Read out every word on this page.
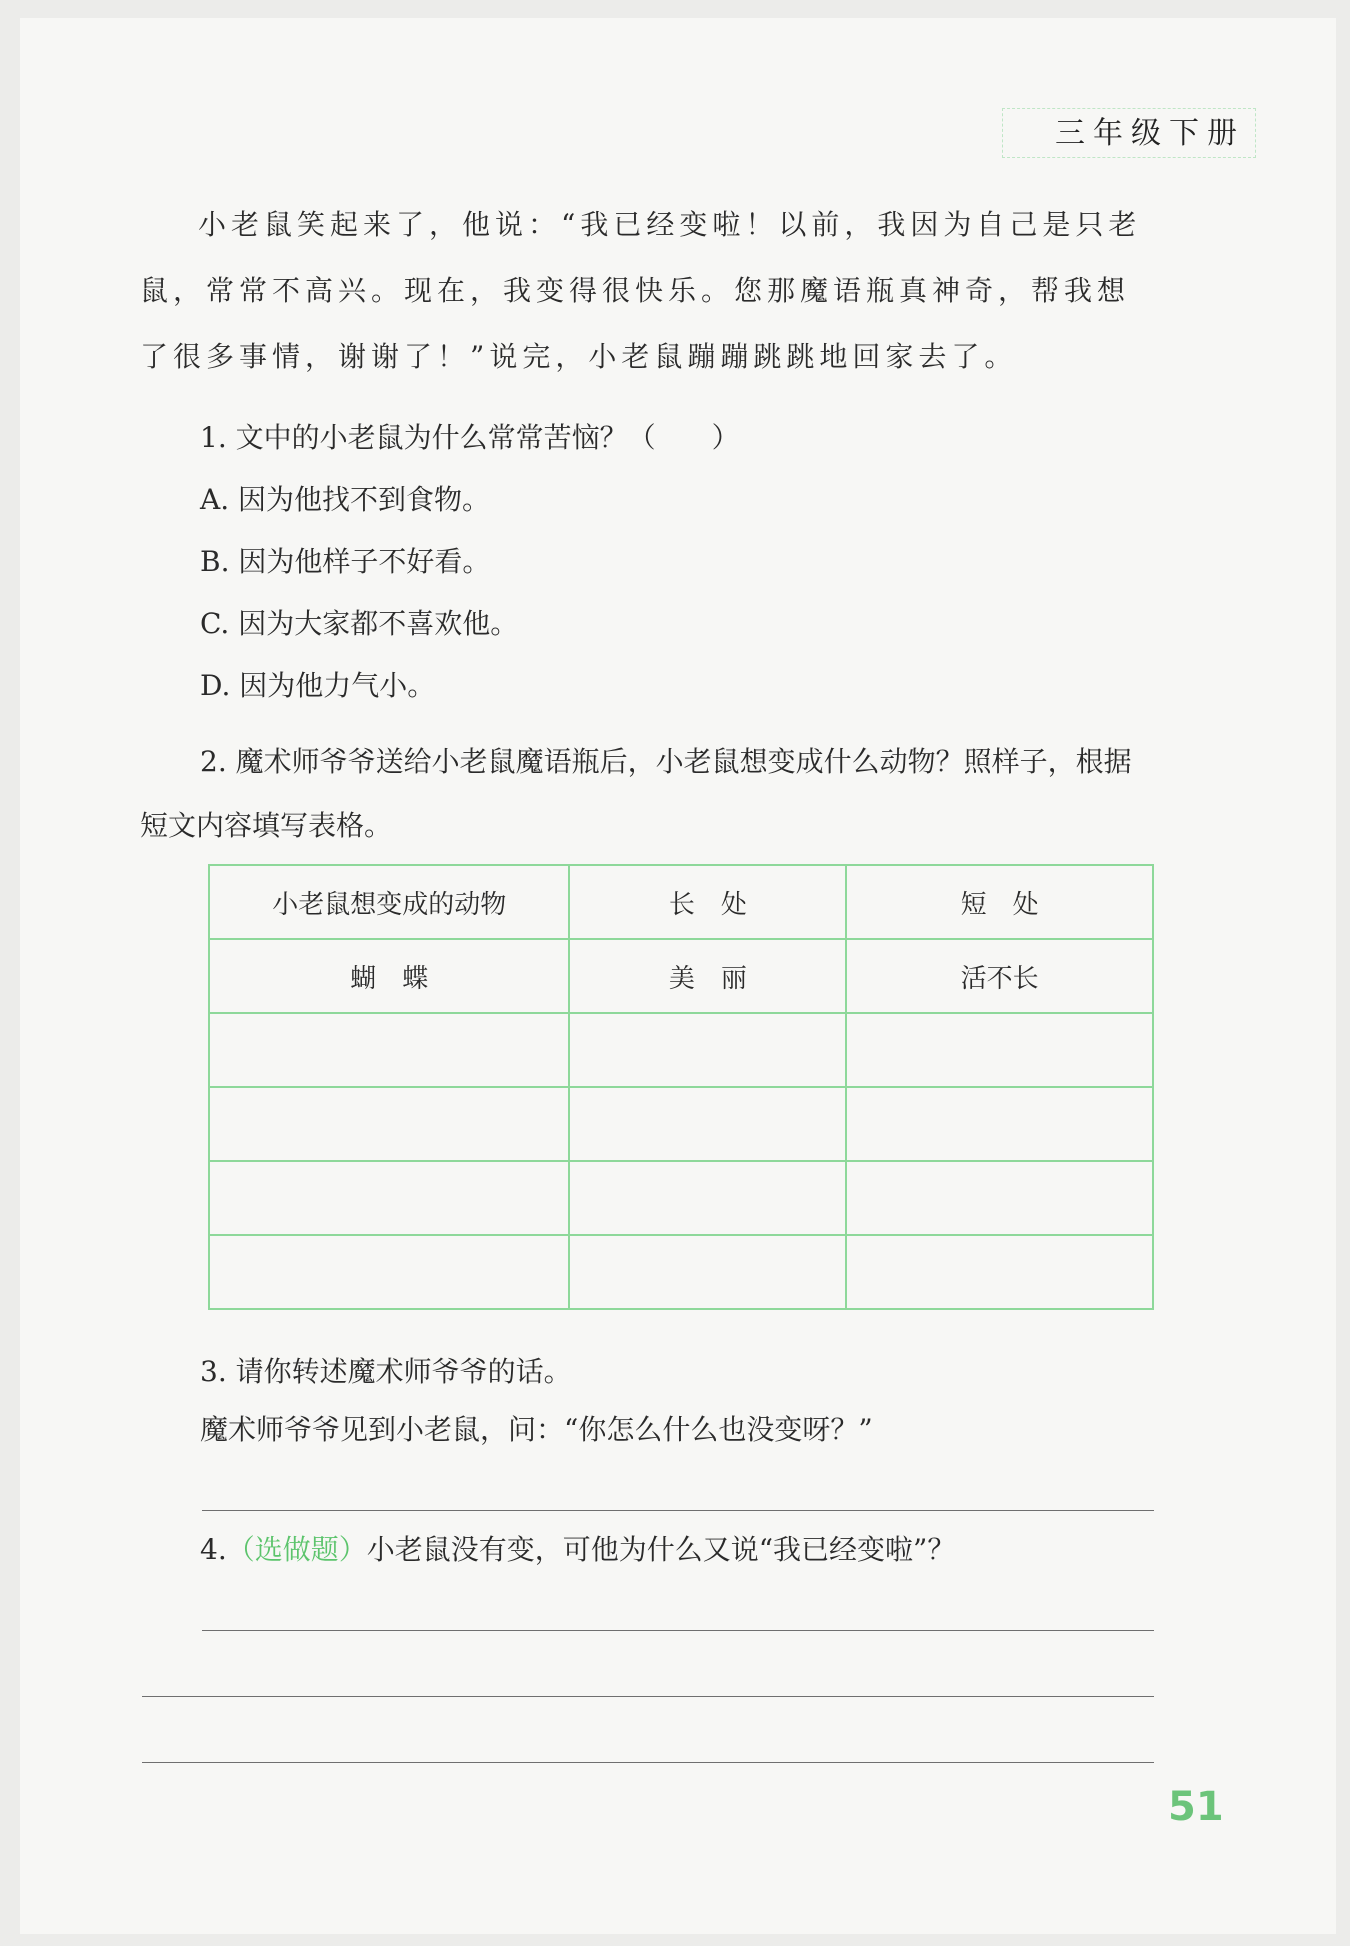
三年级下册

小老鼠笑起来了，他说：“我已经变啦！以前，我因为自己是只老鼠，常常不高兴。现在，我变得很快乐。您那魔语瓶真神奇，帮我想了很多事情，谢谢了！”说完，小老鼠蹦蹦跳跳地回家去了。

1. 文中的小老鼠为什么常常苦恼？（　　）

A. 因为他找不到食物。

B. 因为他样子不好看。

C. 因为大家都不喜欢他。

D. 因为他力气小。

2. 魔术师爷爷送给小老鼠魔语瓶后，小老鼠想变成什么动物？照样子，根据短文内容填写表格。

小老鼠想变成的动物	长　处	短　处
蝴　蝶	美　丽	活不长

3. 请你转述魔术师爷爷的话。

魔术师爷爷见到小老鼠，问：“你怎么什么也没变呀？”

4.（选做题）小老鼠没有变，可他为什么又说“我已经变啦”？

51
